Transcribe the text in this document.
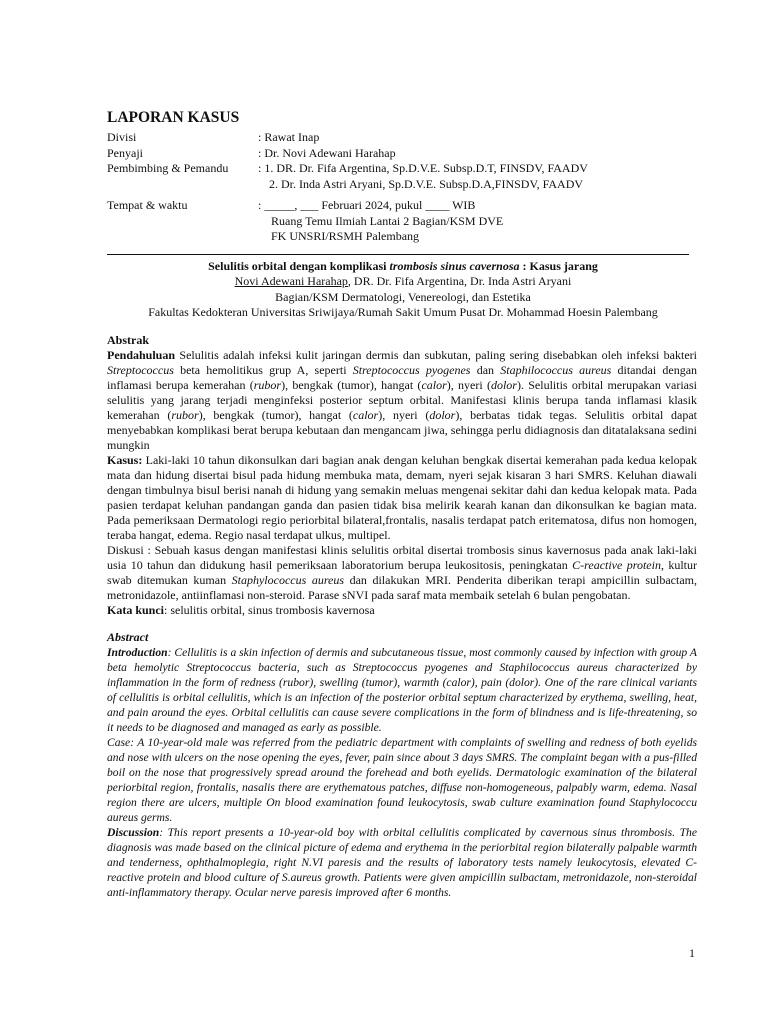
LAPORAN KASUS
Divisi	: Rawat Inap
Penyaji	: Dr. Novi Adewani Harahap
Pembimbing & Pemandu	: 1. DR. Dr. Fifa Argentina, Sp.D.V.E. Subsp.D.T, FINSDV, FAADV
2. Dr. Inda Astri Aryani, Sp.D.V.E. Subsp.D.A,FINSDV, FAADV
Tempat & waktu	: _____, ___ Februari 2024, pukul ____ WIB
Ruang Temu Ilmiah Lantai 2 Bagian/KSM DVE
FK UNSRI/RSMH Palembang
Selulitis orbital dengan komplikasi trombosis sinus cavernosa : Kasus jarang
Novi Adewani Harahap, DR. Dr. Fifa Argentina, Dr. Inda Astri Aryani
Bagian/KSM Dermatologi, Venereologi, dan Estetika
Fakultas Kedokteran Universitas Sriwijaya/Rumah Sakit Umum Pusat Dr. Mohammad Hoesin Palembang
Abstrak

Pendahuluan Selulitis adalah infeksi kulit jaringan dermis dan subkutan, paling sering disebabkan oleh infeksi bakteri Streptococcus beta hemolitikus grup A, seperti Streptococcus pyogenes dan Staphilococcus aureus ditandai dengan inflamasi berupa kemerahan (rubor), bengkak (tumor), hangat (calor), nyeri (dolor). Selulitis orbital merupakan variasi selulitis yang jarang terjadi menginfeksi posterior septum orbital. Manifestasi klinis berupa tanda inflamasi klasik kemerahan (rubor), bengkak (tumor), hangat (calor), nyeri (dolor), berbatas tidak tegas. Selulitis orbital dapat menyebabkan komplikasi berat berupa kebutaan dan mengancam jiwa, sehingga perlu didiagnosis dan ditatalaksana sedini mungkin

Kasus: Laki-laki 10 tahun dikonsulkan dari bagian anak dengan keluhan bengkak disertai kemerahan pada kedua kelopak mata dan hidung disertai bisul pada hidung membuka mata, demam, nyeri sejak kisaran 3 hari SMRS. Keluhan diawali dengan timbulnya bisul berisi nanah di hidung yang semakin meluas mengenai sekitar dahi dan kedua kelopak mata. Pada pasien terdapat keluhan pandangan ganda dan pasien tidak bisa melirik kearah kanan dan dikonsulkan ke bagian mata. Pada pemeriksaan Dermatologi regio periorbital bilateral,frontalis, nasalis terdapat patch eritematosa, difus non homogen, teraba hangat, edema. Regio nasal terdapat ulkus, multipel.

Diskusi : Sebuah kasus dengan manifestasi klinis selulitis orbital disertai trombosis sinus kavernosus pada anak laki-laki usia 10 tahun dan didukung hasil pemeriksaan laboratorium berupa leukositosis, peningkatan C-reactive protein, kultur swab ditemukan kuman Staphylococcus aureus dan dilakukan MRI. Penderita diberikan terapi ampicillin sulbactam, metronidazole, antiinflamasi non-steroid. Parase sNVI pada saraf mata membaik setelah 6 bulan pengobatan.

Kata kunci: selulitis orbital, sinus trombosis kavernosa

Abstract

Introduction: Cellulitis is a skin infection of dermis and subcutaneous tissue, most commonly caused by infection with group A beta hemolytic Streptococcus bacteria, such as Streptococcus pyogenes and Staphilococcus aureus characterized by inflammation in the form of redness (rubor), swelling (tumor), warmth (calor), pain (dolor). One of the rare clinical variants of cellulitis is orbital cellulitis, which is an infection of the posterior orbital septum characterized by erythema, swelling, heat, and pain around the eyes. Orbital cellulitis can cause severe complications in the form of blindness and is life-threatening, so it needs to be diagnosed and managed as early as possible.

Case: A 10-year-old male was referred from the pediatric department with complaints of swelling and redness of both eyelids and nose with ulcers on the nose opening the eyes, fever, pain since about 3 days SMRS. The complaint began with a pus-filled boil on the nose that progressively spread around the forehead and both eyelids. Dermatologic examination of the bilateral periorbital region, frontalis, nasalis there are erythematous patches, diffuse non-homogeneous, palpably warm, edema. Nasal region there are ulcers, multiple On blood examination found leukocytosis, swab culture examination found Staphylococcu aureus germs.

Discussion: This report presents a 10-year-old boy with orbital cellulitis complicated by cavernous sinus thrombosis. The diagnosis was made based on the clinical picture of edema and erythema in the periorbital region bilaterally palpable warmth and tenderness, ophthalmoplegia, right N.VI paresis and the results of laboratory tests namely leukocytosis, elevated C-reactive protein and blood culture of S.aureus growth. Patients were given ampicillin sulbactam, metronidazole, non-steroidal anti-inflammatory therapy. Ocular nerve paresis improved after 6 months.

1
